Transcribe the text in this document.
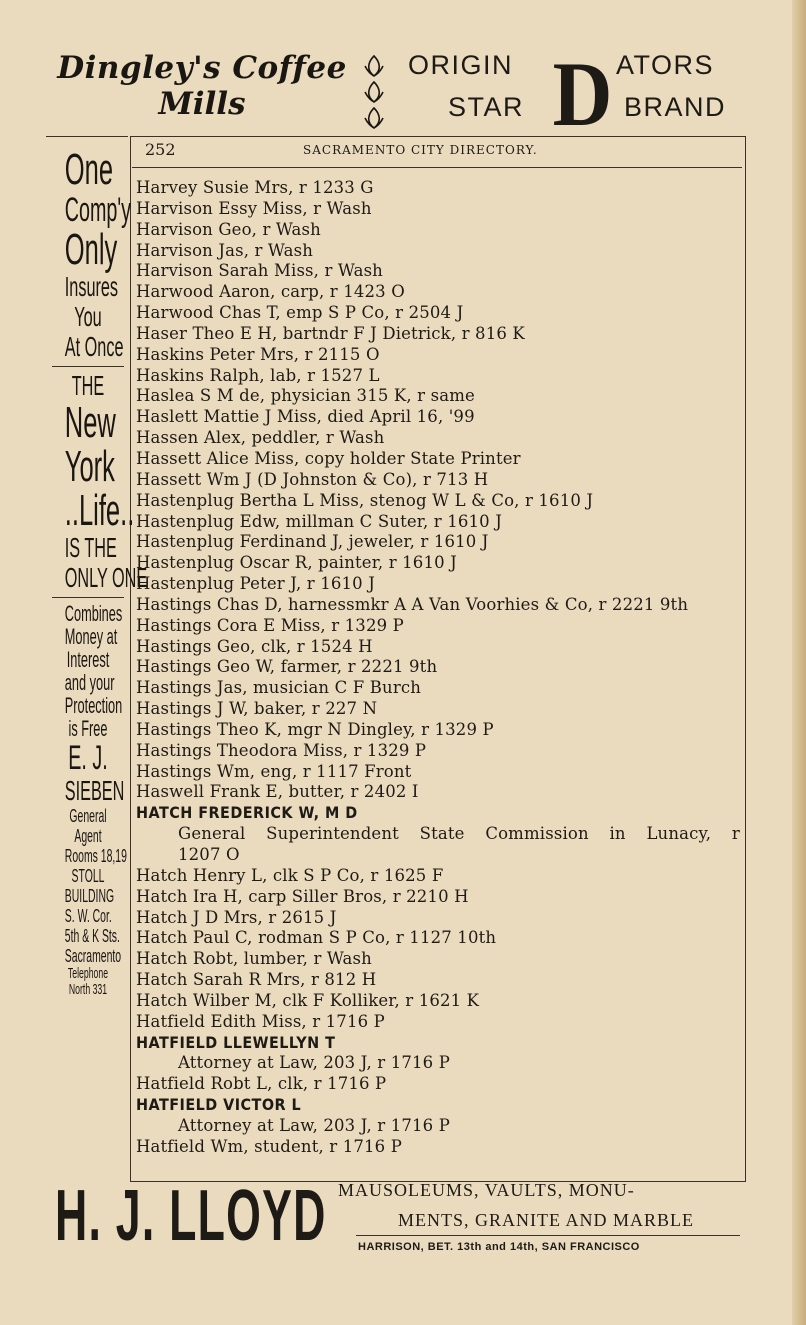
Dingley's Coffee
Mills
ORIGIN
STAR D ATORS
BRAND
252	SACRAMENTO CITY DIRECTORY.
One
Comp'y
Only
Insures
You
At Once
THE
New
York
..Life..
IS THE
ONLY ONE
Combines
Money at
Interest
and your
Protection
is Free
E. J.
SIEBEN
General
Agent
Rooms 18,19
STOLL
BUILDING
S. W. Cor.
5th & K Sts.
Sacramento
Telephone
North 331
Harvey Susie Mrs, r 1233 G
Harvison Essy Miss, r Wash
Harvison Geo, r Wash
Harvison Jas, r Wash
Harvison Sarah Miss, r Wash
Harwood Aaron, carp, r 1423 O
Harwood Chas T, emp S P Co, r 2504 J
Haser Theo E H, bartndr F J Dietrick, r 816 K
Haskins Peter Mrs, r 2115 O
Haskins Ralph, lab, r 1527 L
Haslea S M de, physician 315 K, r same
Haslett Mattie J Miss, died April 16, '99
Hassen Alex, peddler, r Wash
Hassett Alice Miss, copy holder State Printer
Hassett Wm J (D Johnston & Co), r 713 H
Hastenplug Bertha L Miss, stenog W L & Co, r 1610 J
Hastenplug Edw, millman C Suter, r 1610 J
Hastenplug Ferdinand J, jeweler, r 1610 J
Hastenplug Oscar R, painter, r 1610 J
Hastenplug Peter J, r 1610 J
Hastings Chas D, harnessmkr A A Van Voorhies & Co, r 2221 9th
Hastings Cora E Miss, r 1329 P
Hastings Geo, clk, r 1524 H
Hastings Geo W, farmer, r 2221 9th
Hastings Jas, musician C F Burch
Hastings J W, baker, r 227 N
Hastings Theo K, mgr N Dingley, r 1329 P
Hastings Theodora Miss, r 1329 P
Hastings Wm, eng, r 1117 Front
Haswell Frank E, butter, r 2402 I
HATCH FREDERICK W, M D
General Superintendent State Commission in Lunacy, r
1207 O
Hatch Henry L, clk S P Co, r 1625 F
Hatch Ira H, carp Siller Bros, r 2210 H
Hatch J D Mrs, r 2615 J
Hatch Paul C, rodman S P Co, r 1127 10th
Hatch Robt, lumber, r Wash
Hatch Sarah R Mrs, r 812 H
Hatch Wilber M, clk F Kolliker, r 1621 K
Hatfield Edith Miss, r 1716 P
HATFIELD LLEWELLYN T
Attorney at Law, 203 J, r 1716 P
Hatfield Robt L, clk, r 1716 P
HATFIELD VICTOR L
Attorney at Law, 203 J, r 1716 P
Hatfield Wm, student, r 1716 P
H. J. LLOYD MAUSOLEUMS, VAULTS, MONU-
MENTS, GRANITE AND MARBLE
HARRISON, BET. 13th and 14th, SAN FRANCISCO
